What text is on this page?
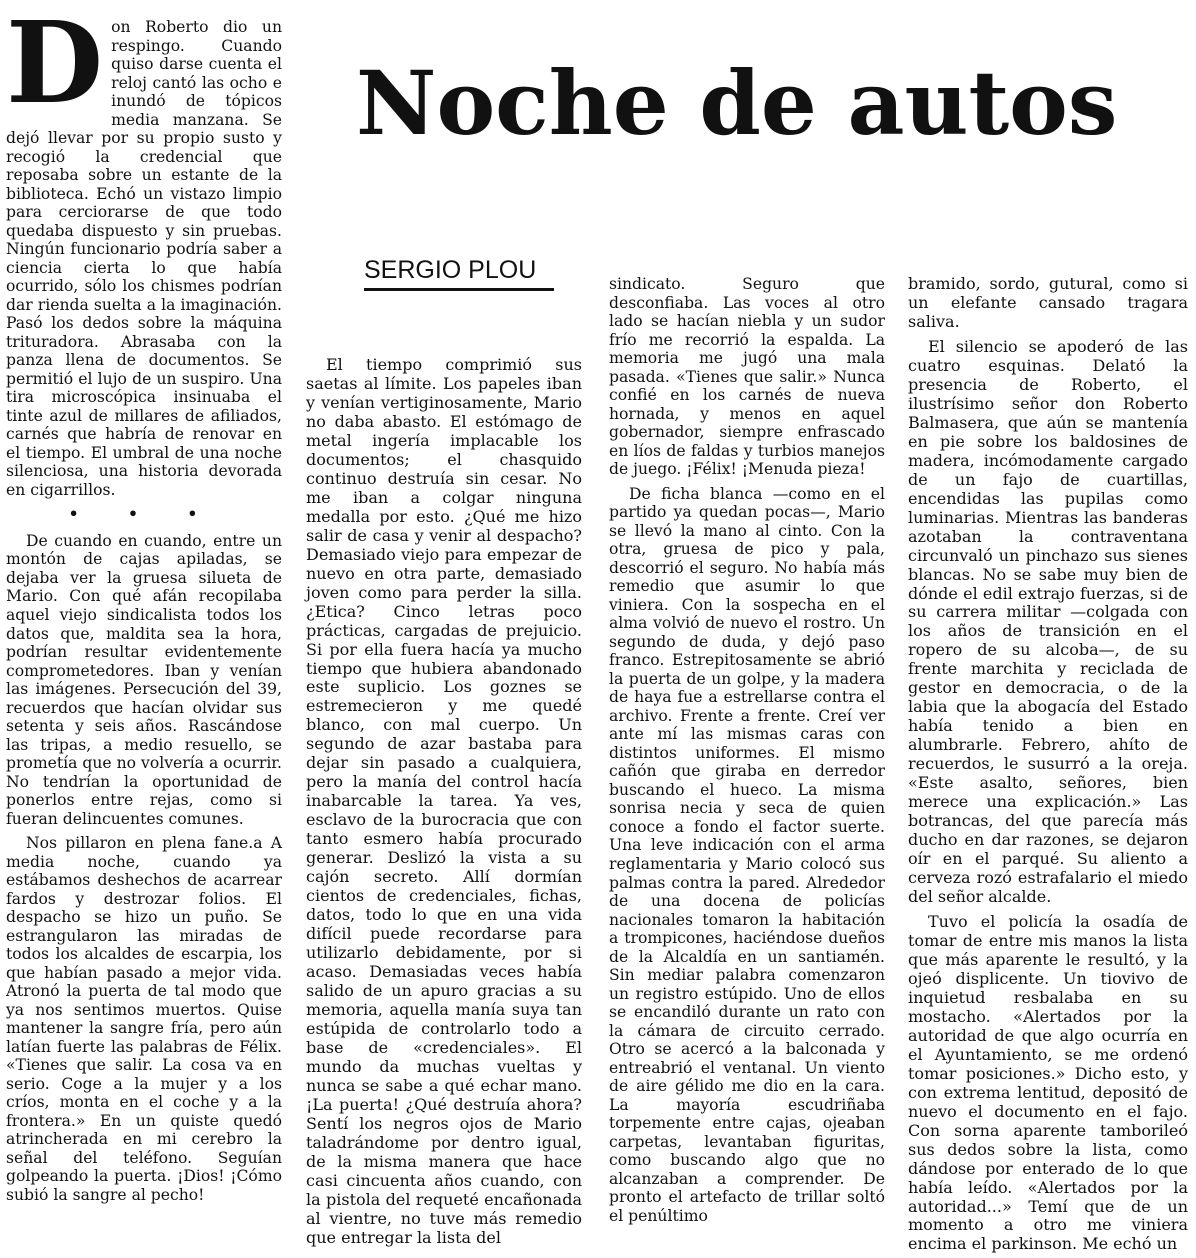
Noche de autos
SERGIO PLOU

Don Roberto dio un respingo. Cuando quiso darse cuenta el reloj cantó las ocho e inundó de tópicos media manzana. Se dejó llevar por su propio susto y recogió la credencial que reposaba sobre un estante de la biblioteca. Echó un vistazo limpio para cerciorarse de que todo quedaba dispuesto y sin pruebas. Ningún funcionario podría saber a ciencia cierta lo que había ocurrido, sólo los chismes podrían dar rienda suelta a la imaginación. Pasó los dedos sobre la máquina trituradora. Abrasaba con la panza llena de documentos. Se permitió el lujo de un suspiro. Una tira microscópica insinuaba el tinte azul de millares de afiliados, carnés que habría de renovar en el tiempo. El umbral de una noche silenciosa, una historia devorada en cigarrillos.

• • •

De cuando en cuando, entre un montón de cajas apiladas, se dejaba ver la gruesa silueta de Mario. Con qué afán recopilaba aquel viejo sindicalista todos los datos que, maldita sea la hora, podrían resultar evidentemente comprometedores. Iban y venían las imágenes. Persecución del 39, recuerdos que hacían olvidar sus setenta y seis años. Rascándose las tripas, a medio resuello, se prometía que no volvería a ocurrir. No tendrían la oportunidad de ponerlos entre rejas, como si fueran delincuentes comunes.

Nos pillaron en plena fane.a A media noche, cuando ya estábamos deshechos de acarrear fardos y destrozar folios. El despacho se hizo un puño. Se estrangularon las miradas de todos los alcaldes de escarpia, los que habían pasado a mejor vida. Atronó la puerta de tal modo que ya nos sentimos muertos. Quise mantener la sangre fría, pero aún latían fuerte las palabras de Félix. «Tienes que salir. La cosa va en serio. Coge a la mujer y a los críos, monta en el coche y a la frontera.» En un quiste quedó atrincherada en mi cerebro la señal del teléfono. Seguían golpeando la puerta. ¡Dios! ¡Cómo subió la sangre al pecho!

El tiempo comprimió sus saetas al límite. Los papeles iban y venían vertiginosamente, Mario no daba abasto. El estómago de metal ingería implacable los documentos; el chasquido continuo destruía sin cesar. No me iban a colgar ninguna medalla por esto. ¿Qué me hizo salir de casa y venir al despacho? Demasiado viejo para empezar de nuevo en otra parte, demasiado joven como para perder la silla. ¿Etica? Cinco letras poco prácticas, cargadas de prejuicio. Si por ella fuera hacía ya mucho tiempo que hubiera abandonado este suplicio. Los goznes se estremecieron y me quedé blanco, con mal cuerpo. Un segundo de azar bastaba para dejar sin pasado a cualquiera, pero la manía del control hacía inabarcable la tarea. Ya ves, esclavo de la burocracia que con tanto esmero había procurado generar. Deslizó la vista a su cajón secreto. Allí dormían cientos de credenciales, fichas, datos, todo lo que en una vida difícil puede recordarse para utilizarlo debidamente, por si acaso. Demasiadas veces había salido de un apuro gracias a su memoria, aquella manía suya tan estúpida de controlarlo todo a base de «credenciales». El mundo da muchas vueltas y nunca se sabe a qué echar mano. ¡La puerta! ¿Qué destruía ahora? Sentí los negros ojos de Mario taladrándome por dentro igual, de la misma manera que hace casi cincuenta años cuando, con la pistola del requeté encañonada al vientre, no tuve más remedio que entregar la lista del

sindicato. Seguro que desconfiaba. Las voces al otro lado se hacían niebla y un sudor frío me recorrió la espalda. La memoria me jugó una mala pasada. «Tienes que salir.» Nunca confié en los carnés de nueva hornada, y menos en aquel gobernador, siempre enfrascado en líos de faldas y turbios manejos de juego. ¡Félix! ¡Menuda pieza!

De ficha blanca —como en el partido ya quedan pocas—, Mario se llevó la mano al cinto. Con la otra, gruesa de pico y pala, descorrió el seguro. No había más remedio que asumir lo que viniera. Con la sospecha en el alma volvió de nuevo el rostro. Un segundo de duda, y dejó paso franco. Estrepitosamente se abrió la puerta de un golpe, y la madera de haya fue a estrellarse contra el archivo. Frente a frente. Creí ver ante mí las mismas caras con distintos uniformes. El mismo cañón que giraba en derredor buscando el hueco. La misma sonrisa necia y seca de quien conoce a fondo el factor suerte. Una leve indicación con el arma reglamentaria y Mario colocó sus palmas contra la pared. Alrededor de una docena de policías nacionales tomaron la habitación a trompicones, haciéndose dueños de la Alcaldía en un santiamén. Sin mediar palabra comenzaron un registro estúpido. Uno de ellos se encandiló durante un rato con la cámara de circuito cerrado. Otro se acercó a la balconada y entreabrió el ventanal. Un viento de aire gélido me dio en la cara. La mayoría escudriñaba torpemente entre cajas, ojeaban carpetas, levantaban figuritas, como buscando algo que no alcanzaban a comprender. De pronto el artefacto de trillar soltó el penúltimo

bramido, sordo, gutural, como si un elefante cansado tragara saliva.

El silencio se apoderó de las cuatro esquinas. Delató la presencia de Roberto, el ilustrísimo señor don Roberto Balmasera, que aún se mantenía en pie sobre los baldosines de madera, incómodamente cargado de un fajo de cuartillas, encendidas las pupilas como luminarias. Mientras las banderas azotaban la contraventana circunvaló un pinchazo sus sienes blancas. No se sabe muy bien de dónde el edil extrajo fuerzas, si de su carrera militar —colgada con los años de transición en el ropero de su alcoba—, de su frente marchita y reciclada de gestor en democracia, o de la labia que la abogacía del Estado había tenido a bien en alumbrarle. Febrero, ahíto de recuerdos, le susurró a la oreja. «Este asalto, señores, bien merece una explicación.» Las botrancas, del que parecía más ducho en dar razones, se dejaron oír en el parqué. Su aliento a cerveza rozó estrafalario el miedo del señor alcalde.

Tuvo el policía la osadía de tomar de entre mis manos la lista que más aparente le resultó, y la ojeó displicente. Un tiovivo de inquietud resbalaba en su mostacho. «Alertados por la autoridad de que algo ocurría en el Ayuntamiento, se me ordenó tomar posiciones.» Dicho esto, y con extrema lentitud, depositó de nuevo el documento en el fajo. Con sorna aparente tamborileó sus dedos sobre la lista, como dándose por enterado de lo que había leído. «Alertados por la autoridad...» Temí que de un momento a otro me viniera encima el parkinson. Me echó un
